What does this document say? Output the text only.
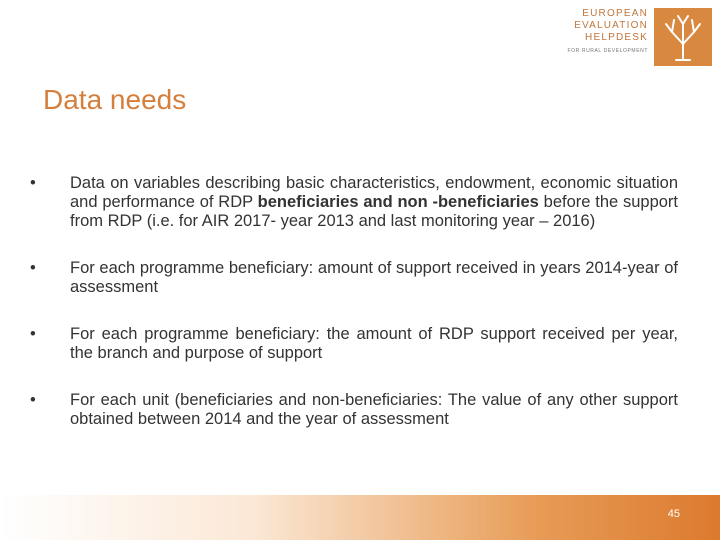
EUROPEAN
EVALUATION
HELPDESK
FOR RURAL DEVELOPMENT
Data needs
•	Data on variables describing basic characteristics, endowment, economic situation and performance of RDP beneficiaries and non -beneficiaries before the support from RDP (i.e. for AIR 2017- year 2013 and last monitoring year – 2016)
•	For each programme beneficiary: amount of support received in years 2014-year of assessment
•	For each programme beneficiary: the amount of RDP support received per year, the branch and purpose of support
•	For each unit (beneficiaries and non-beneficiaries: The value of any other support obtained between 2014 and the year of assessment
45
